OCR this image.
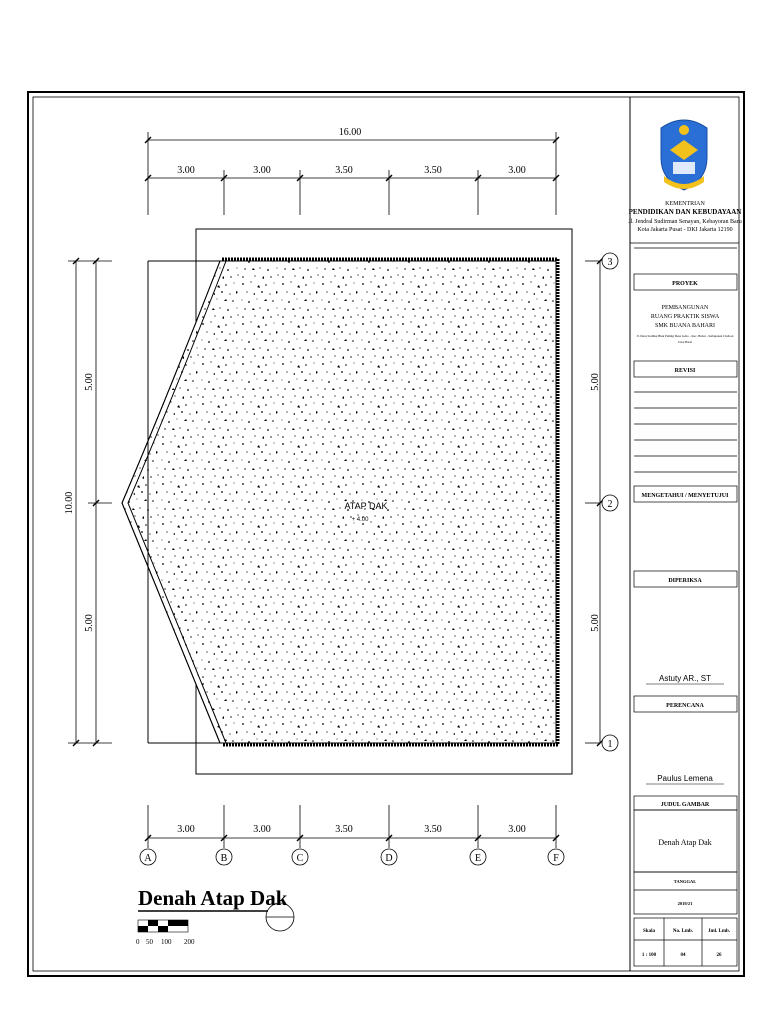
ATAP DAK
+ 4.00
16.00
3.00	3.00	3.50	3.50	3.00
3.00	3.00	3.50	3.50	3.00
A	B	C	D	E	F
10.00
5.00
5.00
5.00
5.00
3
2
1
Denah Atap Dak
0 50 100 200
KEMENTRIAN
PENDIDIKAN DAN KEBUDAYAAN
Jl. Jendral Sudirman Senayan, Kebayoran Baru
Kota Jakarta Pusat - DKI Jakarta 12190
PROYEK
PEMBANGUNAN
RUANG PRAKTIK SISWA
SMK BUANA BAHARI
Jl. Desa Sardika Blok Pahing Desa Gebo - Kec. Babar - Kabupaten Cirebon
Jawa Barat
REVISI
MENGETAHUI / MENYETUJUI
DIPERIKSA
Astuty AR., ST
PERENCANA
Paulus Lemena
JUDUL GAMBAR
Denah Atap Dak
TANGGAL
2019/21
Skala	No. Lmb.	Jml. Lmb.
1 : 100	04	26
